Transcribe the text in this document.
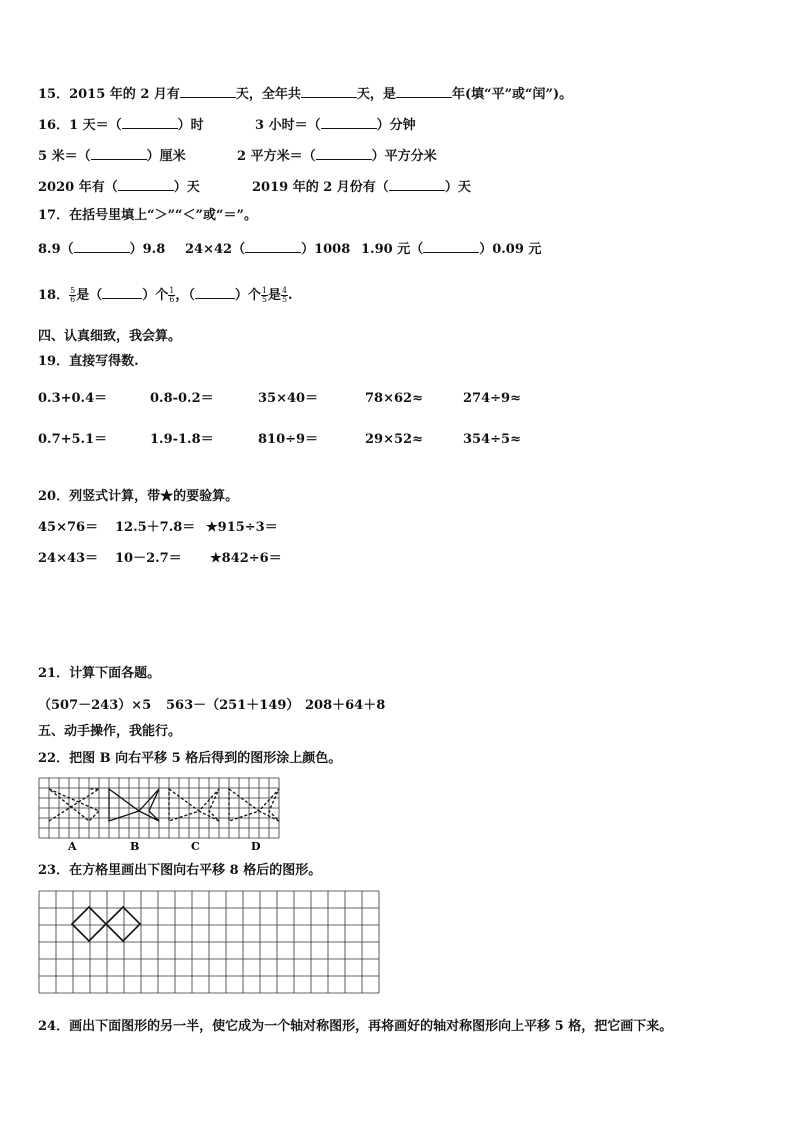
15．2015 年的 2 月有	天，全年共	天，是	年(填“平”或“闰”)。
16．1 天＝（	）时	3 小时＝（	）分钟
5 米＝（	）厘米	2 平方米＝（	）平方分米
2020 年有（	）天	2019 年的 2 月份有（	）天
17．在括号里填上“＞”“＜”或“＝”。
8.9（	）9.8 24×42（	）1008 1.90 元（	）0.09 元
18． $\frac{5}{6}$ 是（	）个 $\frac{1}{6}$ ，（	）个 $\frac{1}{5}$ 是 $\frac{4}{5}$ .
四、认真细致，我会算。
19．直接写得数.
0.3+0.4＝	0.8-0.2＝	35×40＝	78×62≈	274÷9≈
0.7+5.1＝	1.9-1.8＝	810÷9＝	29×52≈	354÷5≈
20．列竖式计算，带★的要验算。
45×76＝ 12.5＋7.8＝ ★915÷3＝
24×43＝ 10－2.7＝ ★842÷6＝
21．计算下面各题。
（507－243）×5 563－（251＋149） 208＋64＋8
五、动手操作，我能行。
22．把图 B 向右平移 5 格后得到的图形涂上颜色。
A	B	C	D
23．在方格里画出下图向右平移 8 格后的图形。
24．画出下面图形的另一半，使它成为一个轴对称图形，再将画好的轴对称图形向上平移 5 格，把它画下来。
